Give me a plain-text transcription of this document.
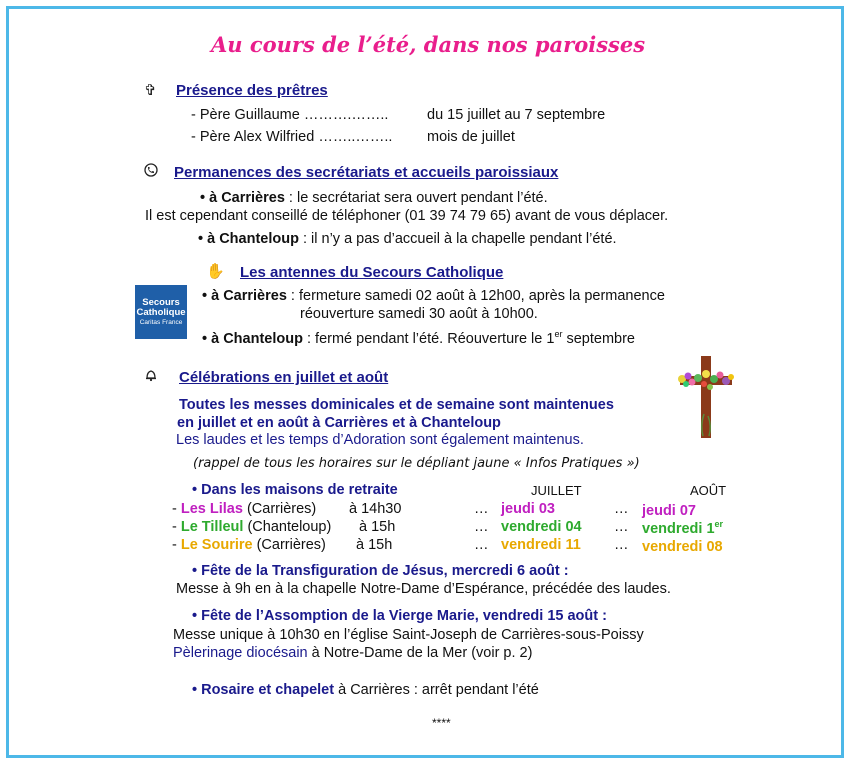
Au cours de l’été, dans nos paroisses
✞ Présence des prêtres
- Père Guillaume ……….……..	du 15 juillet au 7 septembre
- Père Alex Wilfried ……..…….. mois de juillet
Permanences des secrétariats et accueils paroissiaux
• à Carrières : le secrétariat sera ouvert pendant l’été.
Il est cependant conseillé de téléphoner (01 39 74 79 65) avant de vous déplacer.
• à Chanteloup : il n’y a pas d’accueil à la chapelle pendant l’été.
✋ Les antennes du Secours Catholique
Secours
Catholique
Caritas France
• à Carrières : fermeture samedi 02 août à 12h00, après la permanence
réouverture samedi 30 août à 10h00.
• à Chanteloup : fermé pendant l’été. Réouverture le 1er septembre
Célébrations en juillet et août
Toutes les messes dominicales et de semaine sont maintenues
en juillet et en août à Carrières et à Chanteloup
Les laudes et les temps d’Adoration sont également maintenus.
(rappel de tous les horaires sur le dépliant jaune « Infos Pratiques »)
• Dans les maisons de retraite	JUILLET	AOÛT
- Les Lilas (Carrières) à 14h30	… jeudi 03	… jeudi 07
- Le Tilleul (Chanteloup) à 15h	… vendredi 04 … vendredi 1er
- Le Sourire (Carrières) à 15h	… vendredi 11 … vendredi 08
• Fête de la Transfiguration de Jésus, mercredi 6 août :
Messe à 9h en à la chapelle Notre-Dame d’Espérance, précédée des laudes.
• Fête de l’Assomption de la Vierge Marie, vendredi 15 août :
Messe unique à 10h30 en l’église Saint-Joseph de Carrières-sous-Poissy
Pèlerinage diocésain à Notre-Dame de la Mer (voir p. 2)
• Rosaire et chapelet à Carrières : arrêt pendant l’été
****
